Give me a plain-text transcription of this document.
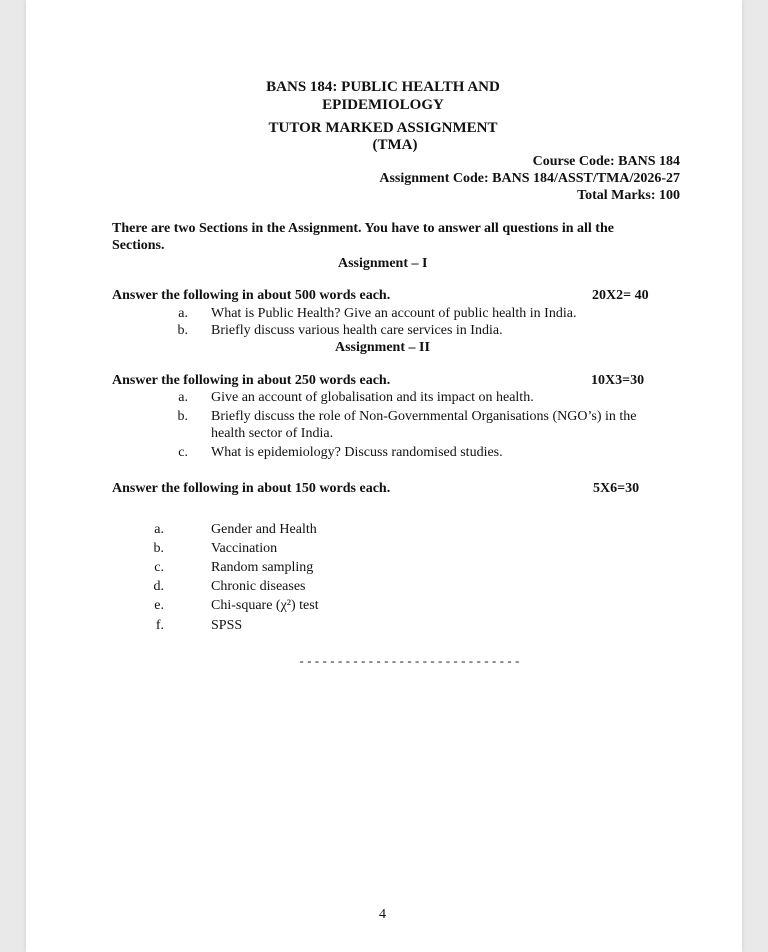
BANS 184: PUBLIC HEALTH AND
EPIDEMIOLOGY
TUTOR MARKED ASSIGNMENT
(TMA)
Course Code: BANS 184
Assignment Code: BANS 184/ASST/TMA/2026-27
Total Marks: 100
There are two Sections in the Assignment. You have to answer all questions in all the
Sections.
Assignment – I
Answer the following in about 500 words each.	20X2= 40
a. What is Public Health? Give an account of public health in India.
b. Briefly discuss various health care services in India.
Assignment – II
Answer the following in about 250 words each.	10X3=30
a. Give an account of globalisation and its impact on health.
b. Briefly discuss the role of Non-Governmental Organisations (NGO’s) in the
health sector of India.
c. What is epidemiology? Discuss randomised studies.
Answer the following in about 150 words each.	5X6=30
a.	Gender and Health
b.	Vaccination
c.	Random sampling
d.	Chronic diseases
e.	Chi-square (χ²) test
f.	SPSS
-----------------------------
4
